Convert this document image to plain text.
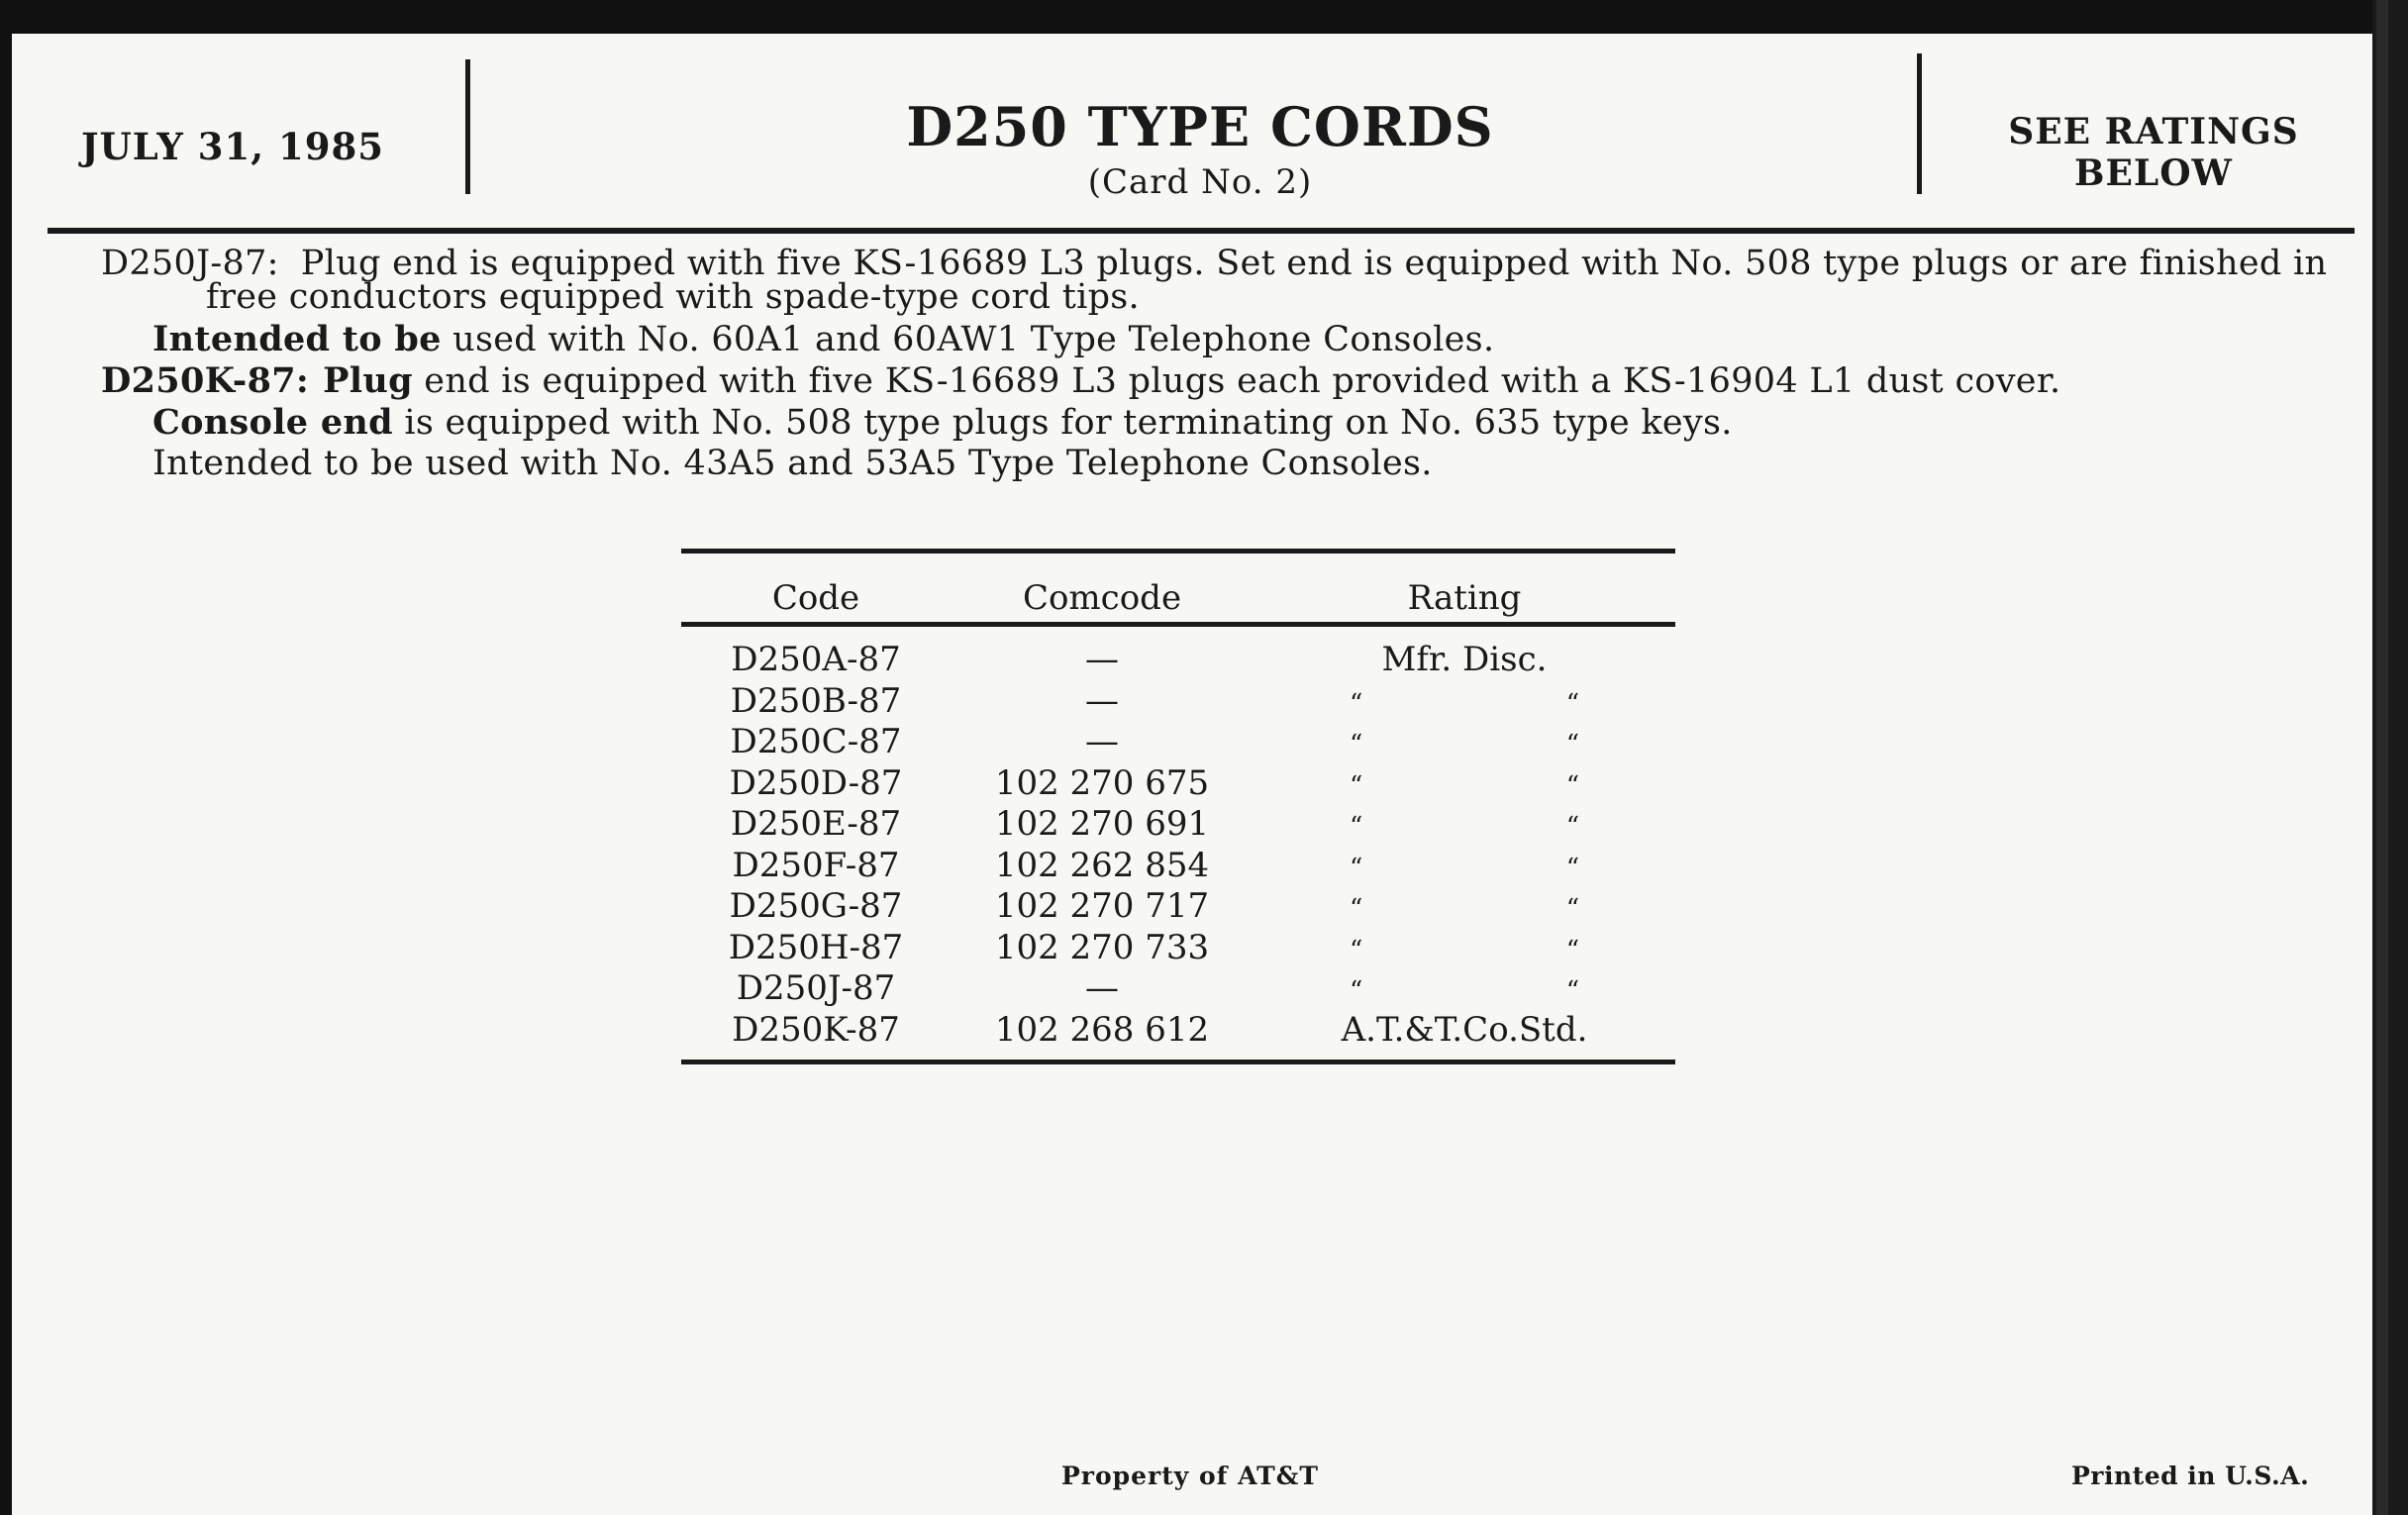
JULY 31, 1985	D250 TYPE CORDS
(Card No. 2)
SEE RATINGS
BELOW
D250J-87: Plug end is equipped with five KS-16689 L3 plugs. Set end is equipped with No. 508 type plugs or are finished in
free conductors equipped with spade-type cord tips.
Intended to be used with No. 60A1 and 60AW1 Type Telephone Consoles.
D250K-87: Plug end is equipped with five KS-16689 L3 plugs each provided with a KS-16904 L1 dust cover.
Console end is equipped with No. 508 type plugs for terminating on No. 635 type keys.
Intended to be used with No. 43A5 and 53A5 Type Telephone Consoles.
Code	Comcode	Rating
D250A-87	—	Mfr. Disc.
D250B-87	—	“	“
D250C-87	—	“	“
D250D-87	102 270 675	“	“
D250E-87	102 270 691	“	“
D250F-87	102 262 854	“	“
D250G-87	102 270 717	“	“
D250H-87	102 270 733	“	“
D250J-87	—	“	“
D250K-87	102 268 612	A.T.&T.Co.Std.
Property of AT&T	Printed in U.S.A.
